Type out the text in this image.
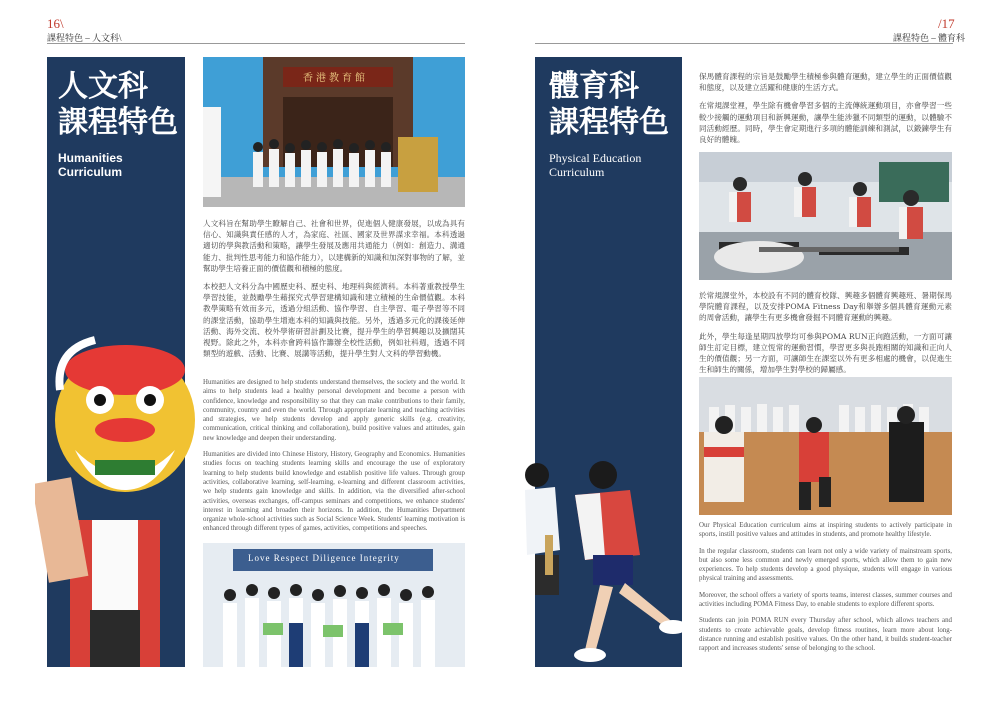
16\
課程特色 – 人文科\
人文科
課程特色
Humanities
Curriculum
香港教育館

人文科旨在幫助學生瞭解自己、社會和世界，促進個人健康發展，以成為具有信心、知識與責任感的人才，為家庭、社區、國家及世界謀求幸福。本科透過適切的學與教活動和策略，讓學生發展及應用共通能力（例如：創造力、溝通能力、批判性思考能力和協作能力），以建構新的知識和加深對事物的了解，並幫助學生培養正面的價值觀和積極的態度。

本校把人文科分為中國歷史科、歷史科、地理科與經濟科。本科著重教授學生學習技能，並鼓勵學生藉探究式學習建構知識和建立積極的生命價值觀。本科教學策略有效而多元，透過分組活動、協作學習、自主學習、電子學習等不同的課堂活動，協助學生增進本科的知識與技能。另外，透過多元化的課後延伸活動、海外交流、校外學術研習計劃及比賽，提升學生的學習興趣以及擴闊其視野。除此之外，本科亦會跨科協作籌辦全校性活動，例如社科週，透過不同類型的遊戲、活動、比賽、展講等活動，提升學生對人文科的學習動機。

Humanities are designed to help students understand themselves, the society and the world. It aims to help students lead a healthy personal development and become a person with confidence, knowledge and responsibility so that they can make contributions to their family, community, country and even the world. Through appropriate learning and teaching activities and strategies, we help students develop and apply generic skills (e.g. creativity, communication, critical thinking and collaboration), build positive values and attitudes, gain new knowledge and deepen their understanding.

Humanities are divided into Chinese History, History, Geography and Economics. Humanities studies focus on teaching students learning skills and encourage the use of exploratory learning to help students build knowledge and establish positive life values. Through group activities, collaborative learning, self-learning, e-learning and different classroom activities, we help students gain knowledge and skills. In addition, via the diversified after-school activities, overseas exchanges, off-campus seminars and competitions, we enhance students' interest in learning and broaden their horizons. In addition, the Humanities Department organize whole-school activities such as Social Science Week. Students' learning motivation is enhanced through different types of games, activities, competitions and speeches.

Love Respect Diligence Integrity
/17
課程特色 – 體育科
體育科
課程特色
Physical Education
Curriculum

保馬體育課程的宗旨是鼓勵學生積極參與體育運動，建立學生的正面價值觀和態度，以及建立活躍和健康的生活方式。

在常規課堂裡，學生除有機會學習多個的主流傳統運動項目，亦會學習一些較少接觸的運動項目和新興運動，讓學生能涉獵不同類型的運動，以體驗不同活動經歷。同時，學生會定期進行多項的體能訓練和測試，以鍛鍊學生有良好的體魄。

於常規課堂外，本校設有不同的體育校隊、興趣多個體育興趣班、暑期保馬學院體育課程，以及安排POMA Fitness Day和舉辦多個具體育運動元素的周會活動，讓學生有更多機會發掘不同體育運動的興趣。

此外，學生每逢星期四放學均可參與POMA RUN正向跑活動，一方面可讓師生訂定目標，建立恆常的運動習慣，學習更多與長跑相關的知識和正向人生的價值觀；另一方面，可讓師生在課室以外有更多相處的機會，以促進生生和師生的關係，增加學生對學校的歸屬感。

Our Physical Education curriculum aims at inspiring students to actively participate in sports, instill positive values and attitudes in students, and promote healthy lifestyle.

In the regular classroom, students can learn not only a wide variety of mainstream sports, but also some less common and newly emerged sports, which allow them to gain new experiences. To help students develop a good physique, students will engage in various physical training and assessments.

Moreover, the school offers a variety of sports teams, interest classes, summer courses and activities including POMA Fitness Day, to enable students to explore different sports.

Students can join POMA RUN every Thursday after school, which allows teachers and students to create achievable goals, develop fitness routines, learn more about long-distance running and establish positive values. On the other hand, it builds student-teacher rapport and increases students' sense of belonging to the school.
